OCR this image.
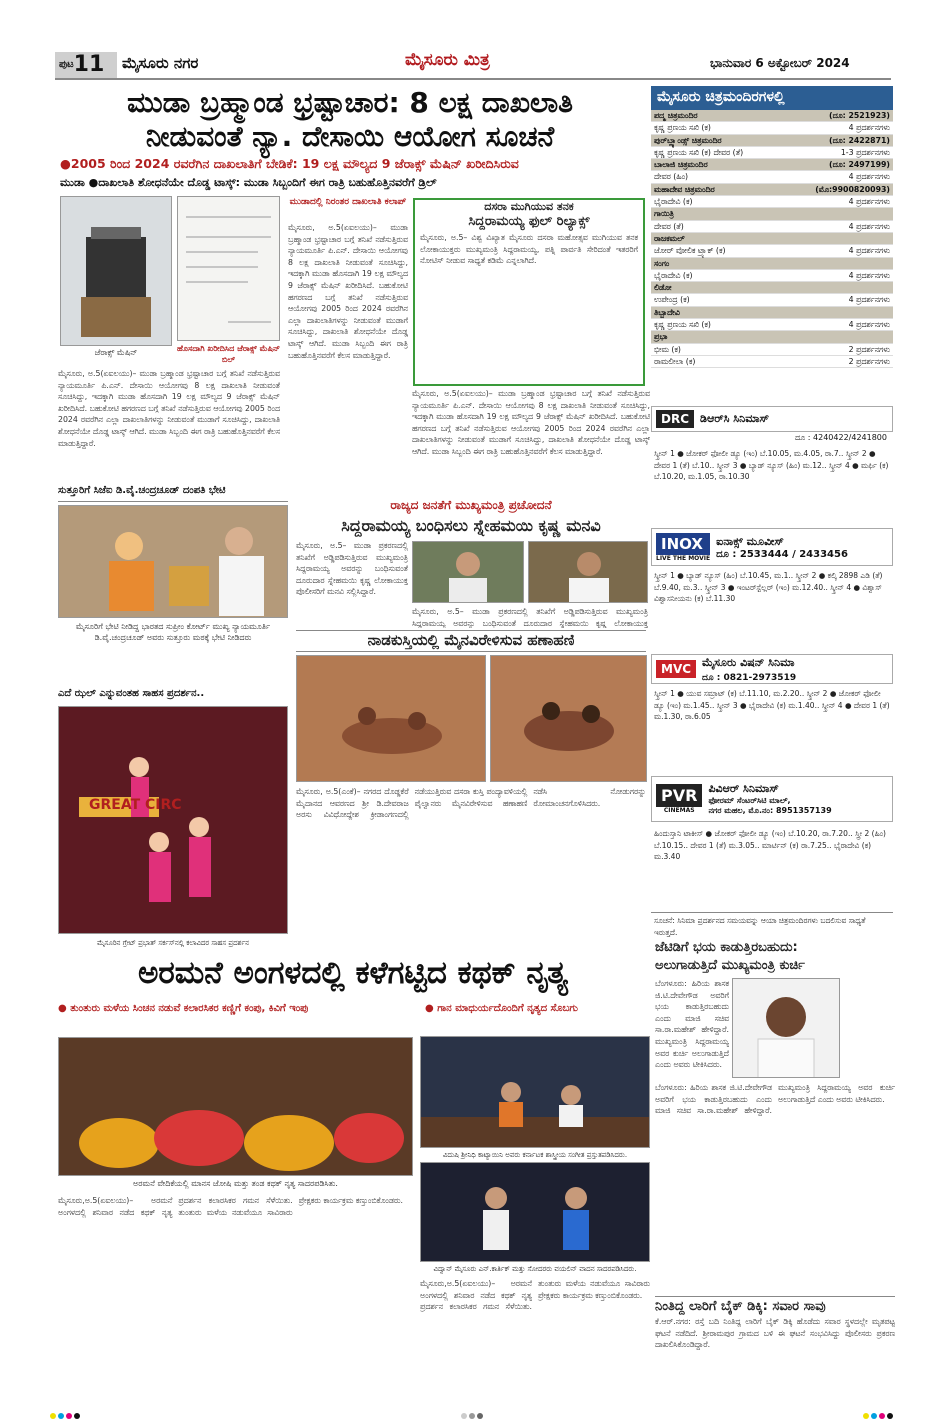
$^{ಪುಟ}$11	ಮೈಸೂರು ನಗರ	ಮೈಸೂರು ಮಿತ್ರ	ಭಾನುವಾರ 6 ಅಕ್ಟೋಬರ್ 2024
ಮುಡಾ ಬ್ರಹ್ಮಾಂಡ ಭ್ರಷ್ಟಾಚಾರ: 8 ಲಕ್ಷ ದಾಖಲಾತಿ
ನೀಡುವಂತೆ ನ್ಯಾ. ದೇಸಾಯಿ ಆಯೋಗ ಸೂಚನೆ
●2005 ರಿಂದ 2024 ರವರೆಗಿನ ದಾಖಲಾತಿಗೆ ಬೇಡಿಕೆ: 19 ಲಕ್ಷ ಮೌಲ್ಯದ 9 ಜೆರಾಕ್ಸ್ ಮೆಷಿನ್ ಖರೀದಿಸಿರುವ
ಮುಡಾ ●ದಾಖಲಾತಿ ಶೋಧನೆಯೇ ದೊಡ್ಡ ಟಾಸ್ಕ್: ಮುಡಾ ಸಿಬ್ಬಂದಿಗೆ ಈಗ ರಾತ್ರಿ ಬಹುಹೊತ್ತಿನವರೆಗೆ ಡ್ರಿಲ್
ಜೆರಾಕ್ಸ್ ಮೆಷಿನ್	ಹೊಸದಾಗಿ ಖರೀದಿಸಿದ ಜೆರಾಕ್ಸ್ ಮೆಷಿನ್ ಬಿಲ್
ಮುಡಾದಲ್ಲಿ ನಿರಂತರ ದಾಖಲಾತಿ ಕಲಾಪ್
ಮೈಸೂರು, ಅ.5(ಏಐಲಯು)– ಮುಡಾ ಬ್ರಹ್ಮಾಂಡ ಭ್ರಷ್ಟಾಚಾರ ಬಗ್ಗೆ ತನಿಖೆ ನಡೆಸುತ್ತಿರುವ ನ್ಯಾಯಮೂರ್ತಿ ಪಿ.ಎನ್. ದೇಸಾಯಿ ಆಯೋಗವು 8 ಲಕ್ಷ ದಾಖಲಾತಿ ನೀಡುವಂತೆ ಸೂಚಿಸಿದ್ದು, ಇದಕ್ಕಾಗಿ ಮುಡಾ ಹೊಸದಾಗಿ 19 ಲಕ್ಷ ಮೌಲ್ಯದ 9 ಜೆರಾಕ್ಸ್ ಮೆಷಿನ್ ಖರೀದಿಸಿದೆ. ಬಹುಕೋಟಿ ಹಗರಣದ ಬಗ್ಗೆ ತನಿಖೆ ನಡೆಸುತ್ತಿರುವ ಆಯೋಗವು 2005 ರಿಂದ 2024 ರವರೆಗಿನ ಎಲ್ಲಾ ದಾಖಲಾತಿಗಳನ್ನು ನೀಡುವಂತೆ ಮುಡಾಗೆ ಸೂಚಿಸಿದ್ದು, ದಾಖಲಾತಿ ಶೋಧನೆಯೇ ದೊಡ್ಡ ಟಾಸ್ಕ್ ಆಗಿದೆ. ಮುಡಾ ಸಿಬ್ಬಂದಿ ಈಗ ರಾತ್ರಿ ಬಹುಹೊತ್ತಿನವರೆಗೆ ಕೆಲಸ ಮಾಡುತ್ತಿದ್ದಾರೆ.
ಮೈಸೂರು, ಅ.5(ಏಐಲಯು)– ಮುಡಾ ಬ್ರಹ್ಮಾಂಡ ಭ್ರಷ್ಟಾಚಾರ ಬಗ್ಗೆ ತನಿಖೆ ನಡೆಸುತ್ತಿರುವ ನ್ಯಾಯಮೂರ್ತಿ ಪಿ.ಎನ್. ದೇಸಾಯಿ ಆಯೋಗವು 8 ಲಕ್ಷ ದಾಖಲಾತಿ ನೀಡುವಂತೆ ಸೂಚಿಸಿದ್ದು, ಇದಕ್ಕಾಗಿ ಮುಡಾ ಹೊಸದಾಗಿ 19 ಲಕ್ಷ ಮೌಲ್ಯದ 9 ಜೆರಾಕ್ಸ್ ಮೆಷಿನ್ ಖರೀದಿಸಿದೆ. ಬಹುಕೋಟಿ ಹಗರಣದ ಬಗ್ಗೆ ತನಿಖೆ ನಡೆಸುತ್ತಿರುವ ಆಯೋಗವು 2005 ರಿಂದ 2024 ರವರೆಗಿನ ಎಲ್ಲಾ ದಾಖಲಾತಿಗಳನ್ನು ನೀಡುವಂತೆ ಮುಡಾಗೆ ಸೂಚಿಸಿದ್ದು, ದಾಖಲಾತಿ ಶೋಧನೆಯೇ ದೊಡ್ಡ ಟಾಸ್ಕ್ ಆಗಿದೆ. ಮುಡಾ ಸಿಬ್ಬಂದಿ ಈಗ ರಾತ್ರಿ ಬಹುಹೊತ್ತಿನವರೆಗೆ ಕೆಲಸ ಮಾಡುತ್ತಿದ್ದಾರೆ.
ಮೈಸೂರು, ಅ.5(ಏಐಲಯು)– ಮುಡಾ ಬ್ರಹ್ಮಾಂಡ ಭ್ರಷ್ಟಾಚಾರ ಬಗ್ಗೆ ತನಿಖೆ ನಡೆಸುತ್ತಿರುವ ನ್ಯಾಯಮೂರ್ತಿ ಪಿ.ಎನ್. ದೇಸಾಯಿ ಆಯೋಗವು 8 ಲಕ್ಷ ದಾಖಲಾತಿ ನೀಡುವಂತೆ ಸೂಚಿಸಿದ್ದು, ಇದಕ್ಕಾಗಿ ಮುಡಾ ಹೊಸದಾಗಿ 19 ಲಕ್ಷ ಮೌಲ್ಯದ 9 ಜೆರಾಕ್ಸ್ ಮೆಷಿನ್ ಖರೀದಿಸಿದೆ. ಬಹುಕೋಟಿ ಹಗರಣದ ಬಗ್ಗೆ ತನಿಖೆ ನಡೆಸುತ್ತಿರುವ ಆಯೋಗವು 2005 ರಿಂದ 2024 ರವರೆಗಿನ ಎಲ್ಲಾ ದಾಖಲಾತಿಗಳನ್ನು ನೀಡುವಂತೆ ಮುಡಾಗೆ ಸೂಚಿಸಿದ್ದು, ದಾಖಲಾತಿ ಶೋಧನೆಯೇ ದೊಡ್ಡ ಟಾಸ್ಕ್ ಆಗಿದೆ. ಮುಡಾ ಸಿಬ್ಬಂದಿ ಈಗ ರಾತ್ರಿ ಬಹುಹೊತ್ತಿನವರೆಗೆ ಕೆಲಸ ಮಾಡುತ್ತಿದ್ದಾರೆ.
ದಸರಾ ಮುಗಿಯುವ ತನಕ
ಸಿದ್ದರಾಮಯ್ಯ ಫುಲ್ ರಿಲ್ಯಾಕ್ಸ್
ಮೈಸೂರು, ಅ.5– ವಿಶ್ವ ವಿಖ್ಯಾತ ಮೈಸೂರು ದಸರಾ ಮಹೋತ್ಸವ ಮುಗಿಯುವ ತನಕ ಲೋಕಾಯುಕ್ತರು ಮುಖ್ಯಮಂತ್ರಿ ಸಿದ್ದರಾಮಯ್ಯ, ಪತ್ನಿ ಪಾರ್ವತಿ ಸೇರಿದಂತೆ ಇತರರಿಗೆ ನೋಟಿಸ್ ನೀಡುವ ಸಾಧ್ಯತೆ ಕಡಿಮೆ ಎನ್ನಲಾಗಿದೆ.
ಸುತ್ತೂರಿಗೆ ಸಿಜೆಐ ಡಿ.ವೈ.ಚಂದ್ರಚೂಡ್ ದಂಪತಿ ಭೇಟಿ
ಮೈಸೂರಿಗೆ ಭೇಟಿ ನೀಡಿದ್ದ ಭಾರತದ ಸುಪ್ರೀಂ ಕೋರ್ಟ್ ಮುಖ್ಯ ನ್ಯಾಯಮೂರ್ತಿ ಡಿ.ವೈ.ಚಂದ್ರಚೂಡ್ ಅವರು ಸುತ್ತೂರು ಮಠಕ್ಕೆ ಭೇಟಿ ನೀಡಿದರು
ಎದೆ ಝಲ್ ಎನ್ನುವಂತಹ ಸಾಹಸ ಪ್ರದರ್ಶನ..
GREAT CIRC
ಮೈಸೂರಿನ ಗ್ರೇಟ್ ಪ್ರಭಾತ್ ಸರ್ಕಸ್‌ನಲ್ಲಿ ಕಲಾವಿದರ ಸಾಹಸ ಪ್ರದರ್ಶನ
ರಾಜ್ಯದ ಜನತೆಗೆ ಮುಖ್ಯಮಂತ್ರಿ ಪ್ರಚೋದನೆ
ಸಿದ್ದರಾಮಯ್ಯ ಬಂಧಿಸಲು ಸ್ನೇಹಮಯಿ ಕೃಷ್ಣ ಮನವಿ
ಮೈಸೂರು, ಅ.5– ಮುಡಾ ಪ್ರಕರಣದಲ್ಲಿ ತನಿಖೆಗೆ ಅಡ್ಡಿಪಡಿಸುತ್ತಿರುವ ಮುಖ್ಯಮಂತ್ರಿ ಸಿದ್ದರಾಮಯ್ಯ ಅವರನ್ನು ಬಂಧಿಸುವಂತೆ ದೂರುದಾರ ಸ್ನೇಹಮಯಿ ಕೃಷ್ಣ ಲೋಕಾಯುಕ್ತ ಪೊಲೀಸರಿಗೆ ಮನವಿ ಸಲ್ಲಿಸಿದ್ದಾರೆ.
ಮೈಸೂರು, ಅ.5– ಮುಡಾ ಪ್ರಕರಣದಲ್ಲಿ ತನಿಖೆಗೆ ಅಡ್ಡಿಪಡಿಸುತ್ತಿರುವ ಮುಖ್ಯಮಂತ್ರಿ ಸಿದ್ದರಾಮಯ್ಯ ಅವರನ್ನು ಬಂಧಿಸುವಂತೆ ದೂರುದಾರ ಸ್ನೇಹಮಯಿ ಕೃಷ್ಣ ಲೋಕಾಯುಕ್ತ
ನಾಡಕುಸ್ತಿಯಲ್ಲಿ ಮೈನವಿರೇಳಿಸುವ ಹಣಾಹಣಿ
ಮೈಸೂರು, ಅ.5(ಎಂಕೆ)– ನಗರದ ದೊಡ್ಡಕೆರೆ ಮೈದಾನದ ಆವರಣದ ಶ್ರೀ ಡಿ.ದೇವರಾಜ ಅರಸು ವಿವಿಧೋದ್ದೇಶ ಕ್ರೀಡಾಂಗಣದಲ್ಲಿ ನಡೆಯುತ್ತಿರುವ ದಸರಾ ಕುಸ್ತಿ ಪಂದ್ಯಾವಳಿಯಲ್ಲಿ ಪೈಲ್ವಾನರು ಮೈನವಿರೇಳಿಸುವ ಹಣಾಹಣಿ ನಡೆಸಿ ನೋಡುಗರನ್ನು ರೋಮಾಂಚನಗೊಳಿಸಿದರು.
ಅರಮನೆ ಅಂಗಳದಲ್ಲಿ ಕಳೆಗಟ್ಟಿದ ಕಥಕ್ ನೃತ್ಯ
● ತುಂತುರು ಮಳೆಯ ಸಿಂಚನ ನಡುವೆ ಕಲಾರಸಿಕರ ಕಣ್ಣಿಗೆ ಕಂಪು, ಕಿವಿಗೆ ಇಂಪು	● ಗಾನ ಮಾಧುರ್ಯದೊಂದಿಗೆ ನೃತ್ಯದ ಸೊಬಗು
ಅರಮನೆ ವೇದಿಕೆಯಲ್ಲಿ ಮಾನಸ ಜೋಷಿ ಮತ್ತು ತಂಡ ಕಥಕ್ ನೃತ್ಯ ಸಾದರಪಡಿಸಿತು.
ವಿದುಷಿ ಶ್ರೀನಿಧಿ ಕಾಟ್ಯಾಯಿನಿ ಅವರು ಕರ್ನಾಟಕ ಶಾಸ್ತ್ರೀಯ ಸಂಗೀತ ಪ್ರಸ್ತುತಪಡಿಸಿದರು.
ವಿದ್ವಾನ್ ಮೈಸೂರು ಎನ್.ಕಾರ್ತಿಕ್ ಮತ್ತು ಸೋದರರು ವಯಲಿನ್ ವಾದನ ಸಾದರಪಡಿಸಿದರು.
ಮೈಸೂರು,ಅ.5(ಏಐಲಯು)– ಅರಮನೆ ಅಂಗಳದಲ್ಲಿ ಶನಿವಾರ ನಡೆದ ಕಥಕ್ ನೃತ್ಯ ಪ್ರದರ್ಶನ ಕಲಾರಸಿಕರ ಗಮನ ಸೆಳೆಯಿತು. ತುಂತುರು ಮಳೆಯ ನಡುವೆಯೂ ಸಾವಿರಾರು ಪ್ರೇಕ್ಷಕರು ಕಾರ್ಯಕ್ರಮ ಕಣ್ತುಂಬಿಕೊಂಡರು.
ಮೈಸೂರು,ಅ.5(ಏಐಲಯು)– ಅರಮನೆ ಅಂಗಳದಲ್ಲಿ ಶನಿವಾರ ನಡೆದ ಕಥಕ್ ನೃತ್ಯ ಪ್ರದರ್ಶನ ಕಲಾರಸಿಕರ ಗಮನ ಸೆಳೆಯಿತು. ತುಂತುರು ಮಳೆಯ ನಡುವೆಯೂ ಸಾವಿರಾರು ಪ್ರೇಕ್ಷಕರು ಕಾರ್ಯಕ್ರಮ ಕಣ್ತುಂಬಿಕೊಂಡರು.
ಜೆಟಿಡಿಗೆ ಭಯ ಕಾಡುತ್ತಿರಬಹುದು:
ಅಲುಗಾಡುತ್ತಿದೆ ಮುಖ್ಯಮಂತ್ರಿ ಕುರ್ಚಿ
ಬೆಂಗಳೂರು: ಹಿರಿಯ ಶಾಸಕ ಜಿ.ಟಿ.ದೇವೇಗೌಡ ಅವರಿಗೆ ಭಯ ಕಾಡುತ್ತಿರಬಹುದು ಎಂದು ಮಾಜಿ ಸಚಿವ ಸಾ.ರಾ.ಮಹೇಶ್ ಹೇಳಿದ್ದಾರೆ. ಮುಖ್ಯಮಂತ್ರಿ ಸಿದ್ದರಾಮಯ್ಯ ಅವರ ಕುರ್ಚಿ ಅಲುಗಾಡುತ್ತಿದೆ ಎಂದು ಅವರು ಟೀಕಿಸಿದರು.
ಬೆಂಗಳೂರು: ಹಿರಿಯ ಶಾಸಕ ಜಿ.ಟಿ.ದೇವೇಗೌಡ ಅವರಿಗೆ ಭಯ ಕಾಡುತ್ತಿರಬಹುದು ಎಂದು ಮಾಜಿ ಸಚಿವ ಸಾ.ರಾ.ಮಹೇಶ್ ಹೇಳಿದ್ದಾರೆ. ಮುಖ್ಯಮಂತ್ರಿ ಸಿದ್ದರಾಮಯ್ಯ ಅವರ ಕುರ್ಚಿ ಅಲುಗಾಡುತ್ತಿದೆ ಎಂದು ಅವರು ಟೀಕಿಸಿದರು.
ನಿಂತಿದ್ದ ಲಾರಿಗೆ ಬೈಕ್ ಡಿಕ್ಕಿ: ಸವಾರ ಸಾವು
ಕೆ.ಆರ್.ನಗರ: ರಸ್ತೆ ಬದಿ ನಿಂತಿದ್ದ ಲಾರಿಗೆ ಬೈಕ್ ಡಿಕ್ಕಿ ಹೊಡೆದು ಸವಾರ ಸ್ಥಳದಲ್ಲೇ ಮೃತಪಟ್ಟ ಘಟನೆ ನಡೆದಿದೆ. ಶ್ರೀರಾಮಪುರ ಗ್ರಾಮದ ಬಳಿ ಈ ಘಟನೆ ಸಂಭವಿಸಿದ್ದು ಪೊಲೀಸರು ಪ್ರಕರಣ ದಾಖಲಿಸಿಕೊಂಡಿದ್ದಾರೆ.
ಮೈಸೂರು ಚಿತ್ರಮಂದಿರಗಳಲ್ಲಿ
ಪದ್ಮ ಚಿತ್ರಮಂದಿರ	(ದೂ: 2521923)
ಕೃಷ್ಣ ಪ್ರಣಯ ಸಖಿ (ಕ)	4 ಪ್ರದರ್ಶನಗಳು
ಪುರ್‌ಬ್ಲ್ಯಾಂಡ್ಸ್ ಚಿತ್ರಮಂದಿರ	(ದೂ: 2422871)
ಕೃಷ್ಣ ಪ್ರಣಯ ಸಖಿ (ಕ) ದೇವರ (ತೆ)	1-3 ಪ್ರದರ್ಶನಗಳು
ಬಾಲಾಜಿ ಚಿತ್ರಮಂದಿರ	(ದೂ: 2497199)
ದೇವರ (ಹಿಂ)	4 ಪ್ರದರ್ಶನಗಳು
ಮಹಾದೇವ ಚಿತ್ರಮಂದಿರ	(ಮೊ:9900820093)
ಭೈರಾದೇವಿ (ಕ)	4 ಪ್ರದರ್ಶನಗಳು
ಗಾಯಿತ್ರಿ
ದೇವರ (ತೆ)	4 ಪ್ರದರ್ಶನಗಳು
ರಾಜಕಮಲ್
ಜೋರ್ ವೋಲಿಕ ಟ್ರ್ಯಾಕ್ (ಕ)	4 ಪ್ರದರ್ಶನಗಳು
ಸಂಗಂ
ಭೈರಾದೇವಿ (ಕ)	4 ಪ್ರದರ್ಶನಗಳು
ಲಿಡೋ
ಉಪೇಂದ್ರ (ಕ)	4 ಪ್ರದರ್ಶನಗಳು
ತಿಬ್ಬಾದೇವಿ
ಕೃಷ್ಣ ಪ್ರಣಯ ಸಖಿ (ಕ)	4 ಪ್ರದರ್ಶನಗಳು
ಪ್ರಭಾ
ಭೀಮ (ಕ)	2 ಪ್ರದರ್ಶನಗಳು
ರಾಮಲೀಲಾ (ಕ)	2 ಪ್ರದರ್ಶನಗಳು
DRC	ಡಿಆರ್‌ಸಿ ಸಿನಿಮಾಸ್
ದೂ : 4240422/4241800
ಸ್ಕ್ರೀನ್ 1 ● ಜೋಕರ್ ಫೋಲೀ ಡ್ಯೂ (ಇಂ) ಬೆ.10.05, ಮ.4.05, ರಾ.7.. ಸ್ಕ್ರೀನ್ 2 ● ದೇವರ 1 (ತೆ) ಬೆ.10.. ಸ್ಕ್ರೀನ್ 3 ● ಬ್ಯಾಡ್ ನ್ಯೂಸ್ (ಹಿಂ) ಮ.12.. ಸ್ಕ್ರೀನ್ 4 ● ಮರ್ಫಿ (ಕ) ಬೆ.10.20, ಮ.1.05, ರಾ.10.30
INOX
LIVE THE MOVIE
ಐನಾಕ್ಸ್ ಮೂವೀಸ್
ದೂ : 2533444 / 2433456
ಸ್ಕ್ರೀನ್ 1 ● ಬ್ಯಾಡ್ ನ್ಯೂಸ್ (ಹಿಂ) ಬೆ.10.45, ಮ.1.. ಸ್ಕ್ರೀನ್ 2 ● ಕಲ್ಕಿ 2898 ಎಡಿ (ತೆ) ಬೆ.9.40, ಮ.3.. ಸ್ಕ್ರೀನ್ 3 ● ಇಂಟರ್‌ಸ್ಟೆಲ್ಲರ್ (ಇಂ) ಮ.12.40.. ಸ್ಕ್ರೀನ್ 4 ● ವಿಶ್ವಾಸ್ ವಿಶ್ವಾಸನೀಯನು (ಕ) ಬೆ.11.30
MVC	ಮೈಸೂರು ವಿಷನ್ ಸಿನಿಮಾ
ದೂ : 0821-2973519
ಸ್ಕ್ರೀನ್ 1 ● ಯುವ ಸಮ್ರಾಟ್ (ಕ) ಬೆ.11.10, ಮ.2.20.. ಸ್ಕ್ರೀನ್ 2 ● ಜೋಕರ್ ಫೋಲೀ ಡ್ಯೂ (ಇಂ) ಮ.1.45.. ಸ್ಕ್ರೀನ್ 3 ● ಭೈರಾದೇವಿ (ಕ) ಮ.1.40.. ಸ್ಕ್ರೀನ್ 4 ● ದೇವರ 1 (ತೆ) ಮ.1.30, ರಾ.6.05
PVR
CINEMAS
ಪಿವಿಆರ್ ಸಿನಿಮಾಸ್
ಫೋರಮ್ ಸೆಂಟರ್‌ಸಿಟಿ ಮಾಲ್,
ನಗರ ಮಹಲ, ಮೊ.ನಂ: 8951357139
ಹಿಂದುಸ್ತಾನಿ ಟಾಕೀಸ್ ● ಜೋಕರ್ ಫೋಲೀ ಡ್ಯೂ (ಇಂ) ಬೆ.10.20, ರಾ.7.20.. ಸ್ತ್ರೀ 2 (ಹಿಂ) ಬೆ.10.15.. ದೇವರ 1 (ತೆ) ಮ.3.05.. ಮಾರ್ಟಿನ್ (ಕ) ರಾ.7.25.. ಭೈರಾದೇವಿ (ಕ) ಮ.3.40
ಸೂಚನೆ: ಸಿನಿಮಾ ಪ್ರದರ್ಶನದ ಸಮಯವನ್ನು ಆಯಾ ಚಿತ್ರಮಂದಿರಗಳು ಬದಲಿಸುವ ಸಾಧ್ಯತೆ ಇರುತ್ತದೆ.
